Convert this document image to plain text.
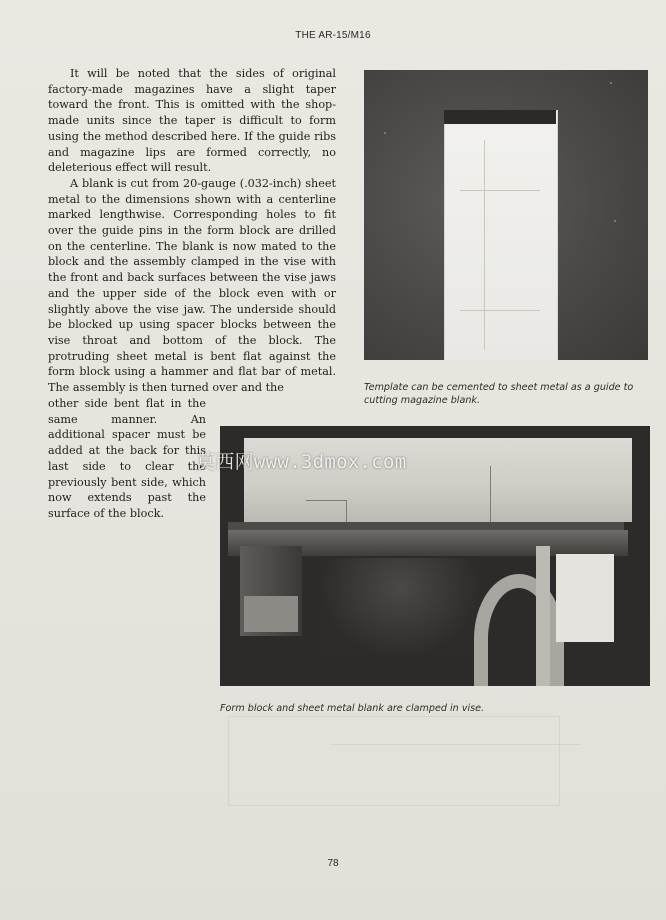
THE AR-15/M16

It will be noted that the sides of original factory-made magazines have a slight taper toward the front. This is omitted with the shop-made units since the taper is difficult to form using the method described here. If the guide ribs and magazine lips are formed correctly, no deleterious effect will result.

A blank is cut from 20-gauge (.032-inch) sheet metal to the dimensions shown with a centerline marked lengthwise. Corresponding holes to fit over the guide pins in the form block are drilled on the centerline. The blank is now mated to the block and the assembly clamped in the vise with the front and back surfaces between the vise jaws and the upper side of the block even with or slightly above the vise jaw. The underside should be blocked up using spacer blocks between the vise throat and bottom of the block. The protruding sheet metal is bent flat against the form block using a hammer and flat bar of metal. The assembly is then turned over and the

other side bent flat in the same manner. An additional spacer must be added at the back for this last side to clear the previously bent side, which now extends past the surface of the block.

Template can be cemented to sheet metal as a guide to cutting magazine blank.
莫西网www.3dmox.com
Form block and sheet metal blank are clamped in vise.
78
